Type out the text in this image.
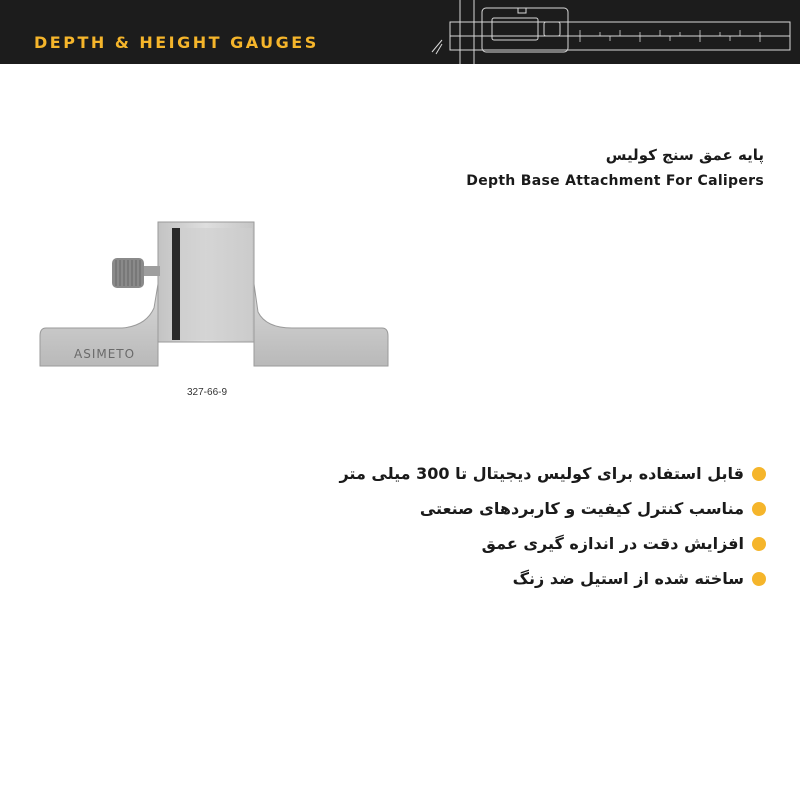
DEPTH & HEIGHT GAUGES
پایه عمق سنج کولیس
Depth Base Attachment For Calipers
ASIMETO
327-66-9
قابل استفاده برای کولیس دیجیتال تا 300 میلی متر
مناسب کنترل کیفیت و کاربردهای صنعتی
افزایش دقت در اندازه گیری عمق
ساخته شده از استیل ضد زنگ
